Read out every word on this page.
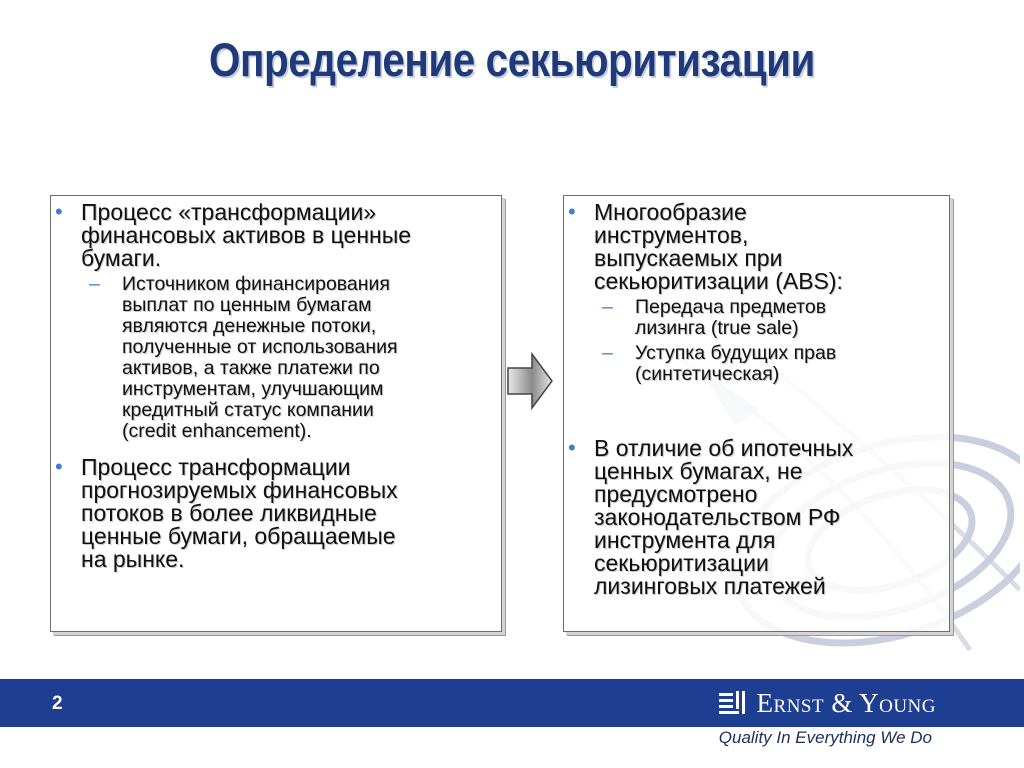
Определение секьюритизации
• Процесс «трансформации»
финансовых активов в ценные
бумаги.
– Источником финансирования
выплат по ценным бумагам
являются денежные потоки,
полученные от использования
активов, а также платежи по
инструментам, улучшающим
кредитный статус компании
(credit enhancement).
• Процесс трансформации
прогнозируемых финансовых
потоков в более ликвидные
ценные бумаги, обращаемые
на рынке.
• Многообразие
инструментов,
выпускаемых при
секьюритизации (ABS):
– Передача предметов
лизинга (true sale)
– Уступка будущих прав
(синтетическая)
• В отличие об ипотечных
ценных бумагах, не
предусмотрено
законодательством РФ
инструмента для
секьюритизации
лизинговых платежей
2	Ernst & Young
Quality In Everything We Do
